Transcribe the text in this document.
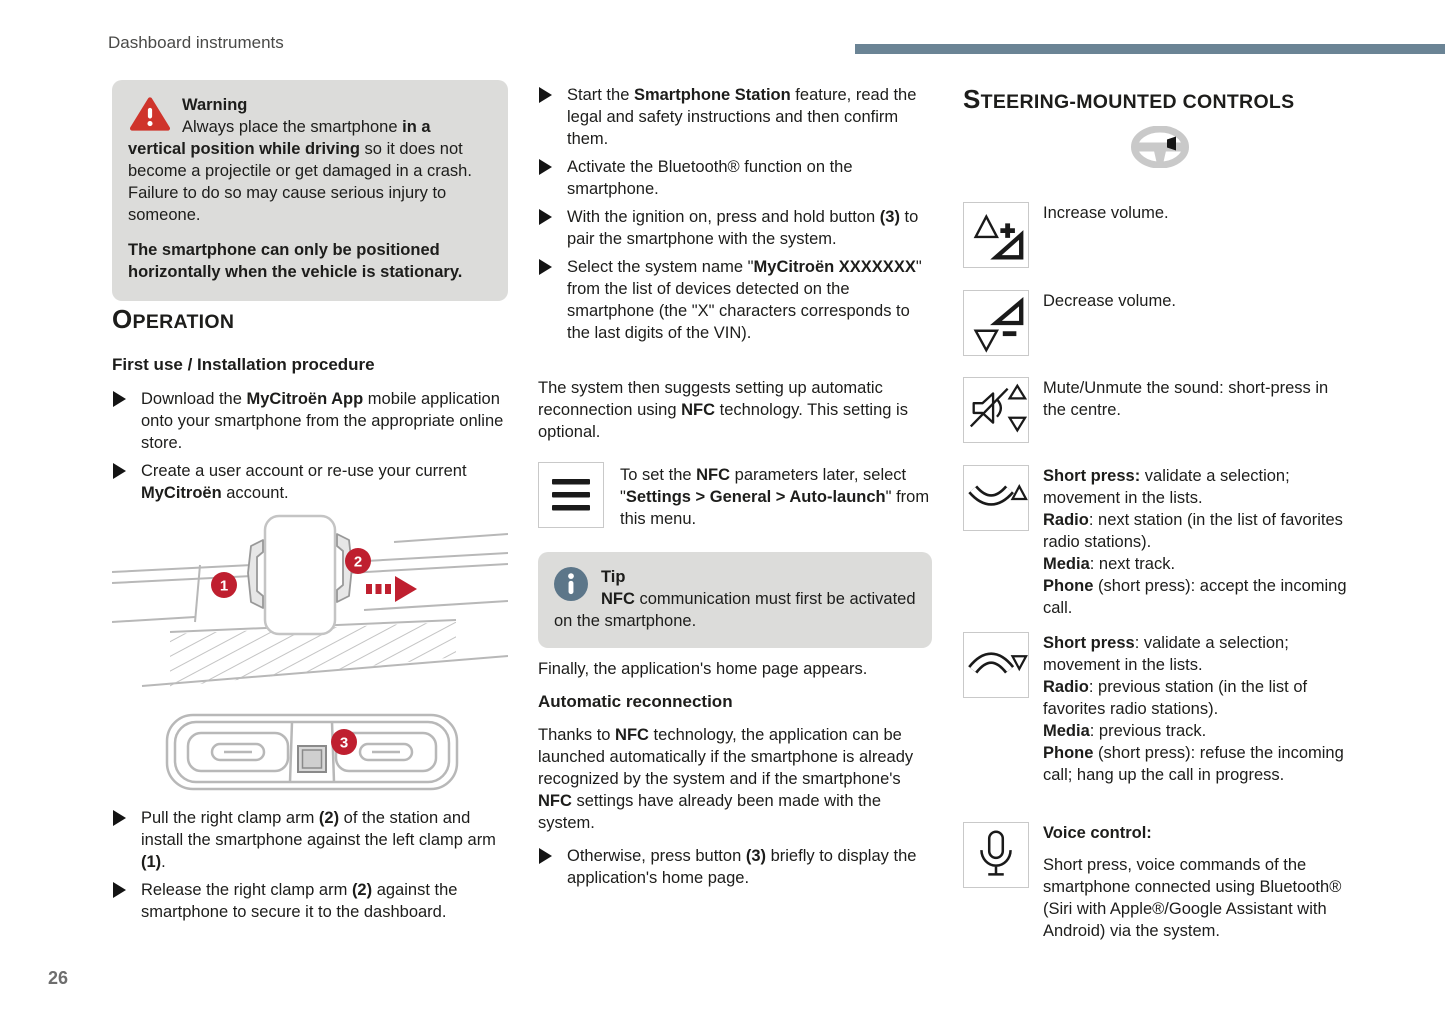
Dashboard instruments

Warning
Always place the smartphone in a vertical position while driving so it does not become a projectile or get damaged in a crash. Failure to do so may cause serious injury to someone.

The smartphone can only be positioned horizontally when the vehicle is stationary.

OPERATION
First use / Installation procedure
Download the MyCitroën App mobile application onto your smartphone from the appropriate online store.
Create a user account or re-use your current MyCitroën account.
1
2
3
Pull the right clamp arm (2) of the station and install the smartphone against the left clamp arm (1).
Release the right clamp arm (2) against the smartphone to secure it to the dashboard.
Start the Smartphone Station feature, read the legal and safety instructions and then confirm them.
Activate the Bluetooth® function on the smartphone.
With the ignition on, press and hold button (3) to pair the smartphone with the system.
Select the system name "MyCitroën XXXXXXX" from the list of devices detected on the smartphone (the "X" characters corresponds to the last digits of the VIN).
The system then suggests setting up automatic reconnection using NFC technology. This setting is optional.
To set the NFC parameters later, select "Settings > General > Auto-launch" from this menu.

Tip
NFC communication must first be activated on the smartphone.

Finally, the application's home page appears.
Automatic reconnection
Thanks to NFC technology, the application can be launched automatically if the smartphone is already recognized by the system and if the smartphone's NFC settings have already been made with the system.
Otherwise, press button (3) briefly to display the application's home page.
STEERING-MOUNTED CONTROLS
Increase volume.
Decrease volume.
Mute/Unmute the sound: short-press in the centre.
Short press: validate a selection; movement in the lists.
Radio: next station (in the list of favorites radio stations).
Media: next track.
Phone (short press): accept the incoming call.
Short press: validate a selection; movement in the lists.
Radio: previous station (in the list of favorites radio stations).
Media: previous track.
Phone (short press): refuse the incoming call; hang up the call in progress.
Voice control:
Short press, voice commands of the smartphone connected using Bluetooth® (Siri with Apple®/Google Assistant with Android) via the system.
26
